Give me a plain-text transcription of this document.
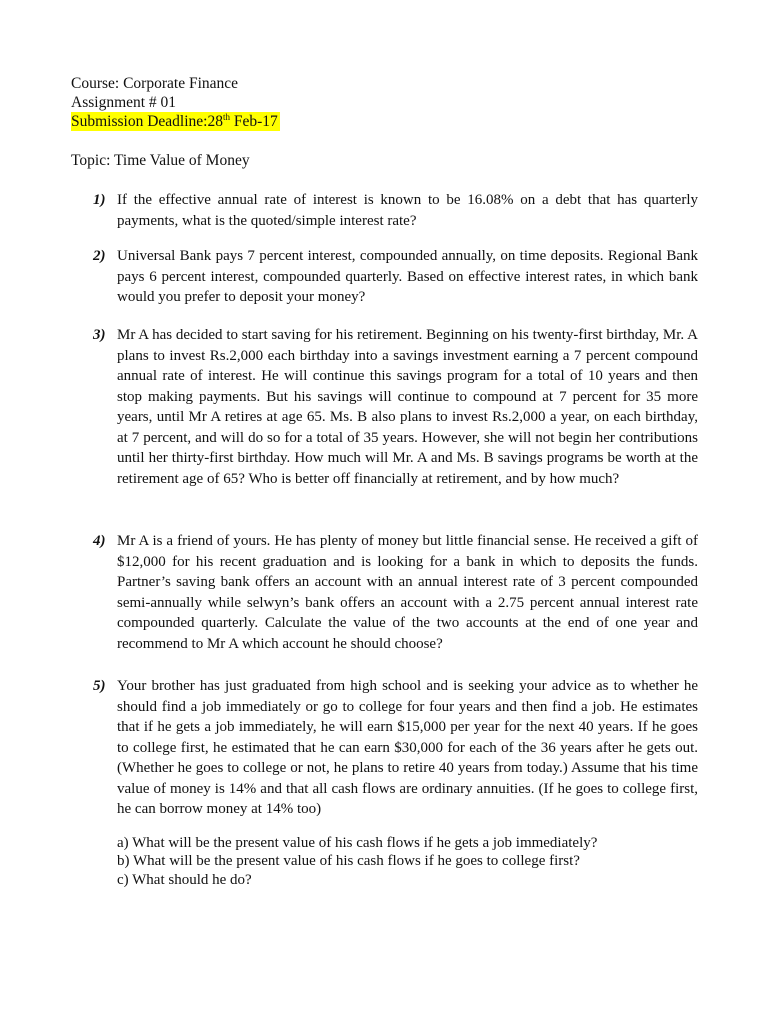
Course: Corporate Finance
Assignment # 01
Submission Deadline:28th Feb-17
Topic: Time Value of Money
1) If the effective annual rate of interest is known to be 16.08% on a debt that has quarterly payments, what is the quoted/simple interest rate?
2) Universal Bank pays 7 percent interest, compounded annually, on time deposits. Regional Bank pays 6 percent interest, compounded quarterly. Based on effective interest rates, in which bank would you prefer to deposit your money?
3) Mr A has decided to start saving for his retirement. Beginning on his twenty-first birthday, Mr. A plans to invest Rs.2,000 each birthday into a savings investment earning a 7 percent compound annual rate of interest. He will continue this savings program for a total of 10 years and then stop making payments. But his savings will continue to compound at 7 percent for 35 more years, until Mr A retires at age 65. Ms. B also plans to invest Rs.2,000 a year, on each birthday, at 7 percent, and will do so for a total of 35 years. However, she will not begin her contributions until her thirty-first birthday. How much will Mr. A and Ms. B savings programs be worth at the retirement age of 65? Who is better off financially at retirement, and by how much?
4) Mr A is a friend of yours. He has plenty of money but little financial sense. He received a gift of $12,000 for his recent graduation and is looking for a bank in which to deposits the funds. Partner’s saving bank offers an account with an annual interest rate of 3 percent compounded semi-annually while selwyn’s bank offers an account with a 2.75 percent annual interest rate compounded quarterly. Calculate the value of the two accounts at the end of one year and recommend to Mr A which account he should choose?
5) Your brother has just graduated from high school and is seeking your advice as to whether he should find a job immediately or go to college for four years and then find a job. He estimates that if he gets a job immediately, he will earn $15,000 per year for the next 40 years. If he goes to college first, he estimated that he can earn $30,000 for each of the 36 years after he gets out. (Whether he goes to college or not, he plans to retire 40 years from today.) Assume that his time value of money is 14% and that all cash flows are ordinary annuities. (If he goes to college first, he can borrow money at 14% too)
a) What will be the present value of his cash flows if he gets a job immediately?
b) What will be the present value of his cash flows if he goes to college first?
c) What should he do?
